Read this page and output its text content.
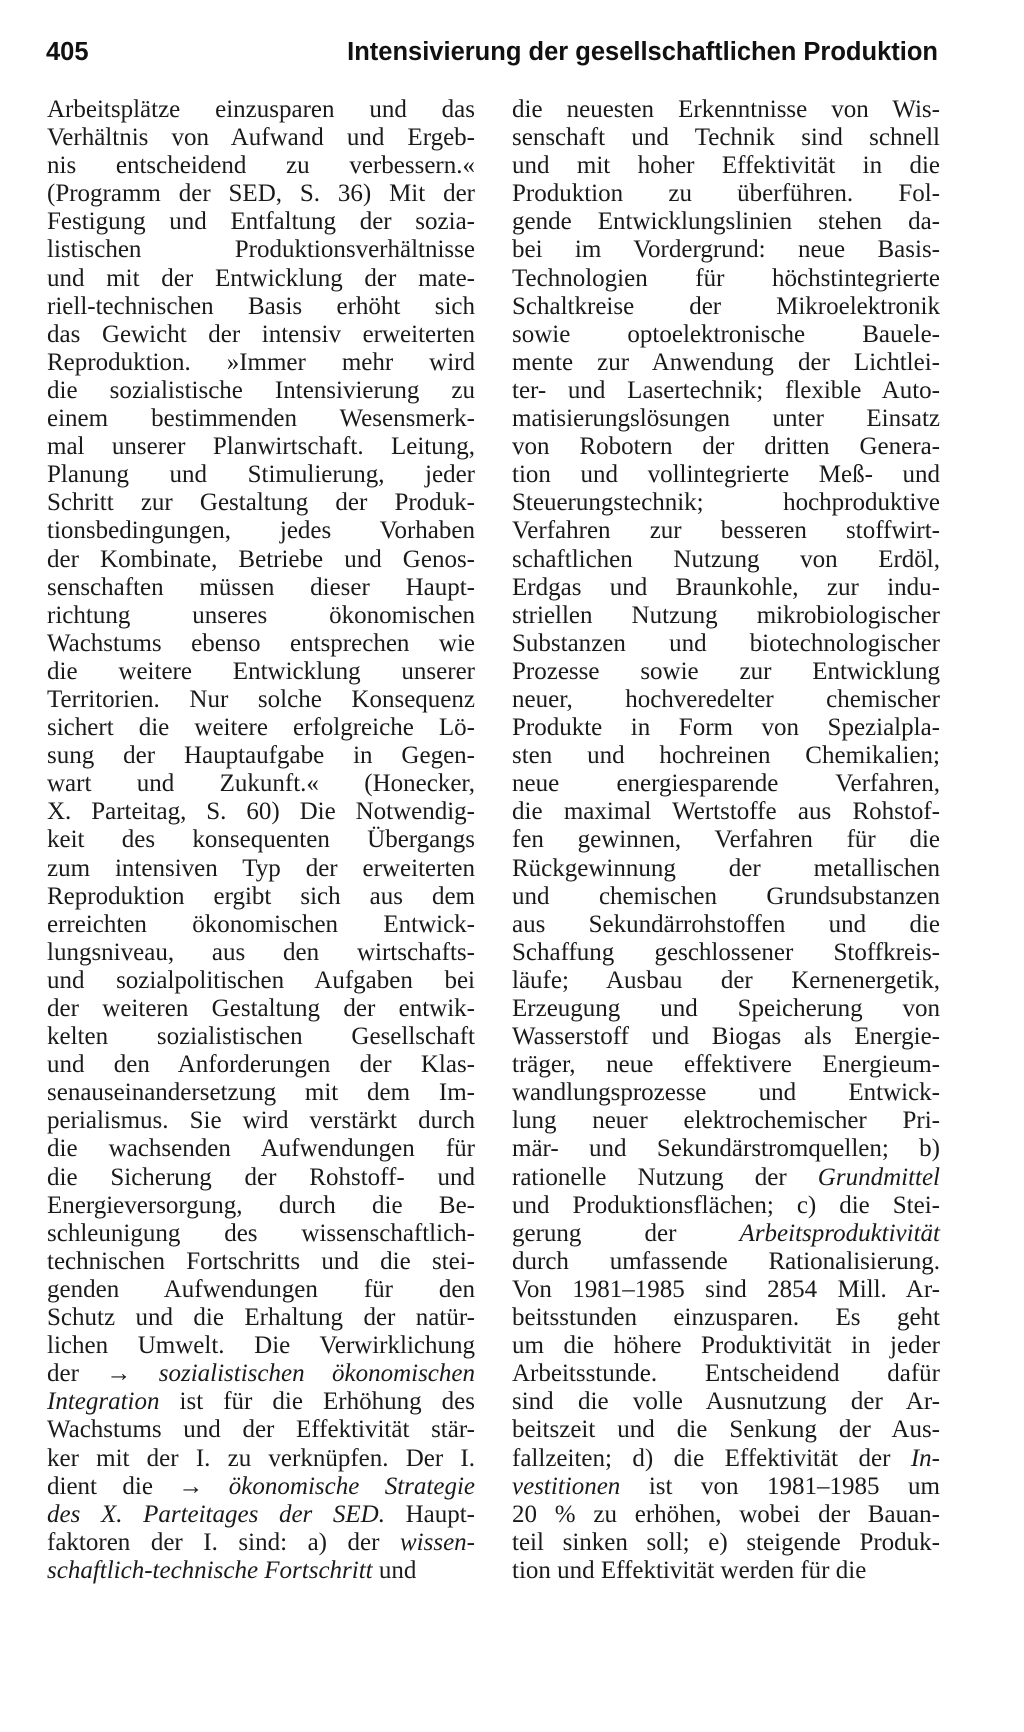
405	Intensivierung der gesellschaftlichen Produktion
Arbeitsplätze einzusparen und das
Verhältnis von Aufwand und Ergeb-
nis entscheidend zu verbessern.«
(Programm der SED, S. 36) Mit der
Festigung und Entfaltung der sozia-
listischen Produktionsverhältnisse
und mit der Entwicklung der mate-
riell-technischen Basis erhöht sich
das Gewicht der intensiv erweiterten
Reproduktion. »Immer mehr wird
die sozialistische Intensivierung zu
einem bestimmenden Wesensmerk-
mal unserer Planwirtschaft. Leitung,
Planung und Stimulierung, jeder
Schritt zur Gestaltung der Produk-
tionsbedingungen, jedes Vorhaben
der Kombinate, Betriebe und Genos-
senschaften müssen dieser Haupt-
richtung unseres ökonomischen
Wachstums ebenso entsprechen wie
die weitere Entwicklung unserer
Territorien. Nur solche Konsequenz
sichert die weitere erfolgreiche Lö-
sung der Hauptaufgabe in Gegen-
wart und Zukunft.« (Honecker,
X. Parteitag, S. 60) Die Notwendig-
keit des konsequenten Übergangs
zum intensiven Typ der erweiterten
Reproduktion ergibt sich aus dem
erreichten ökonomischen Entwick-
lungsniveau, aus den wirtschafts-
und sozialpolitischen Aufgaben bei
der weiteren Gestaltung der entwik-
kelten sozialistischen Gesellschaft
und den Anforderungen der Klas-
senauseinandersetzung mit dem Im-
perialismus. Sie wird verstärkt durch
die wachsenden Aufwendungen für
die Sicherung der Rohstoff- und
Energieversorgung, durch die Be-
schleunigung des wissenschaftlich-
technischen Fortschritts und die stei-
genden Aufwendungen für den
Schutz und die Erhaltung der natür-
lichen Umwelt. Die Verwirklichung
der → sozialistischen ökonomischen
Integration ist für die Erhöhung des
Wachstums und der Effektivität stär-
ker mit der I. zu verknüpfen. Der I.
dient die → ökonomische Strategie
des X. Parteitages der SED. Haupt-
faktoren der I. sind: a) der wissen-
schaftlich-technische Fortschritt und
die neuesten Erkenntnisse von Wis-
senschaft und Technik sind schnell
und mit hoher Effektivität in die
Produktion zu überführen. Fol-
gende Entwicklungslinien stehen da-
bei im Vordergrund: neue Basis-
Technologien für höchstintegrierte
Schaltkreise der Mikroelektronik
sowie optoelektronische Bauele-
mente zur Anwendung der Lichtlei-
ter- und Lasertechnik; flexible Auto-
matisierungslösungen unter Einsatz
von Robotern der dritten Genera-
tion und vollintegrierte Meß- und
Steuerungstechnik; hochproduktive
Verfahren zur besseren stoffwirt-
schaftlichen Nutzung von Erdöl,
Erdgas und Braunkohle, zur indu-
striellen Nutzung mikrobiologischer
Substanzen und biotechnologischer
Prozesse sowie zur Entwicklung
neuer, hochveredelter chemischer
Produkte in Form von Spezialpla-
sten und hochreinen Chemikalien;
neue energiesparende Verfahren,
die maximal Wertstoffe aus Rohstof-
fen gewinnen, Verfahren für die
Rückgewinnung der metallischen
und chemischen Grundsubstanzen
aus Sekundärrohstoffen und die
Schaffung geschlossener Stoffkreis-
läufe; Ausbau der Kernenergetik,
Erzeugung und Speicherung von
Wasserstoff und Biogas als Energie-
träger, neue effektivere Energieum-
wandlungsprozesse und Entwick-
lung neuer elektrochemischer Pri-
mär- und Sekundärstromquellen; b)
rationelle Nutzung der Grundmittel
und Produktionsflächen; c) die Stei-
gerung der Arbeitsproduktivität
durch umfassende Rationalisierung.
Von 1981–1985 sind 2854 Mill. Ar-
beitsstunden einzusparen. Es geht
um die höhere Produktivität in jeder
Arbeitsstunde. Entscheidend dafür
sind die volle Ausnutzung der Ar-
beitszeit und die Senkung der Aus-
fallzeiten; d) die Effektivität der In-
vestitionen ist von 1981–1985 um
20 % zu erhöhen, wobei der Bauan-
teil sinken soll; e) steigende Produk-
tion und Effektivität werden für die
